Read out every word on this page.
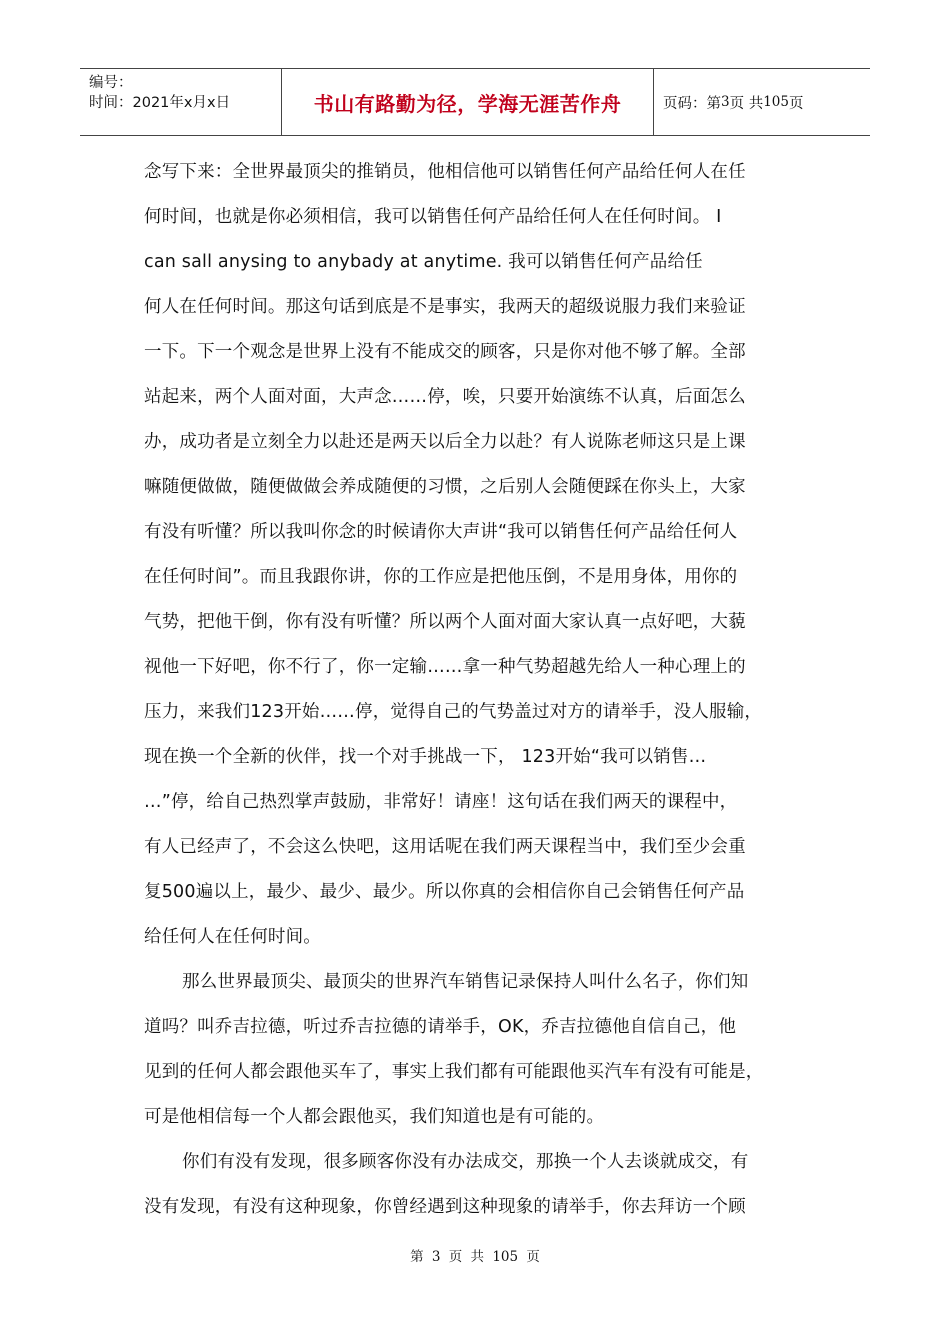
编号：
时间：2021年x月x日	书山有路勤为径，学海无涯苦作舟	页码：第 3 页 共 105 页
念写下来：全世界最顶尖的推销员，他相信他可以销售任何产品给任何人在任
何时间，也就是你必须相信，我可以销售任何产品给任何人在任何时间。 I
can sall anysing to anybady at anytime. 我可以销售任何产品给任
何人在任何时间。那这句话到底是不是事实，我两天的超级说服力我们来验证
一下。下一个观念是世界上没有不能成交的顾客，只是你对他不够了解。全部
站起来，两个人面对面，大声念……停，唉，只要开始演练不认真，后面怎么
办，成功者是立刻全力以赴还是两天以后全力以赴？有人说陈老师这只是上课
嘛随便做做，随便做做会养成随便的习惯，之后别人会随便踩在你头上，大家
有没有听懂？所以我叫你念的时候请你大声讲“我可以销售任何产品给任何人
在任何时间”。而且我跟你讲，你的工作应是把他压倒，不是用身体，用你的
气势，把他干倒，你有没有听懂？所以两个人面对面大家认真一点好吧，大藐
视他一下好吧，你不行了，你一定输……拿一种气势超越先给人一种心理上的
压力，来我们123开始……停，觉得自己的气势盖过对方的请举手，没人服输，
现在换一个全新的伙伴，找一个对手挑战一下， 123开始“我可以销售…
…”停，给自己热烈掌声鼓励，非常好！请座！这句话在我们两天的课程中，
有人已经声了，不会这么快吧，这用话呢在我们两天课程当中，我们至少会重
复500遍以上，最少、最少、最少。所以你真的会相信你自己会销售任何产品
给任何人在任何时间。
那么世界最顶尖、最顶尖的世界汽车销售记录保持人叫什么名子，你们知
道吗？叫乔吉拉德，听过乔吉拉德的请举手，OK，乔吉拉德他自信自己，他
见到的任何人都会跟他买车了，事实上我们都有可能跟他买汽车有没有可能是，
可是他相信每一个人都会跟他买，我们知道也是有可能的。
你们有没有发现，很多顾客你没有办法成交，那换一个人去谈就成交，有
没有发现，有没有这种现象，你曾经遇到这种现象的请举手，你去拜访一个顾
第 3 页 共 105 页
